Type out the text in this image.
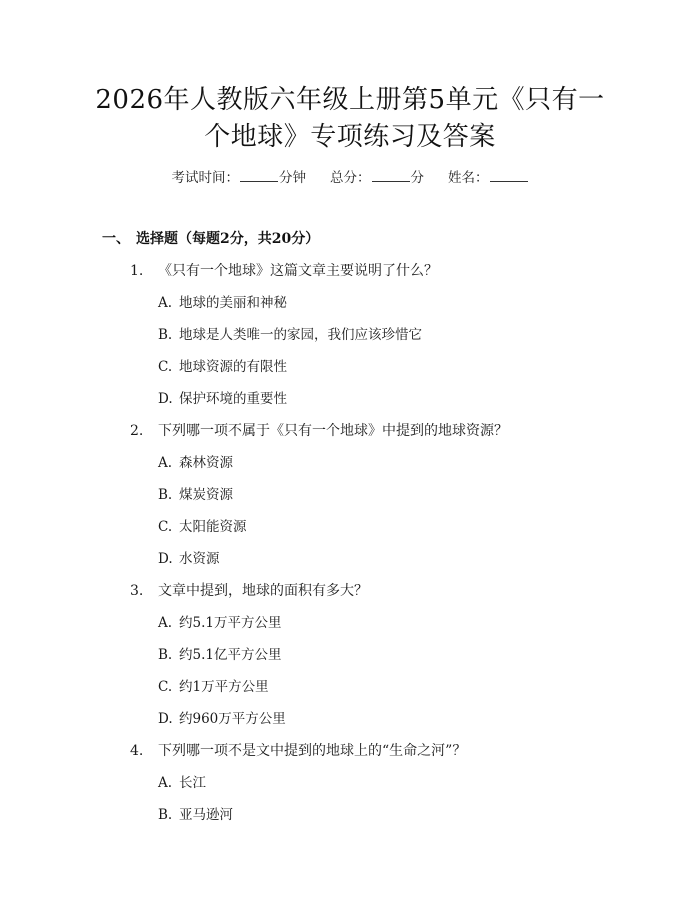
2026年人教版六年级上册第5单元《只有一
个地球》专项练习及答案
考试时间：	分钟 总分：	分 姓名：
一、 选择题（每题2分，共20分）
1. 《只有一个地球》这篇文章主要说明了什么？
A. 地球的美丽和神秘
B. 地球是人类唯一的家园，我们应该珍惜它
C. 地球资源的有限性
D. 保护环境的重要性
2. 下列哪一项不属于《只有一个地球》中提到的地球资源？
A. 森林资源
B. 煤炭资源
C. 太阳能资源
D. 水资源
3. 文章中提到，地球的面积有多大？
A. 约5.1万平方公里
B. 约5.1亿平方公里
C. 约1万平方公里
D. 约960万平方公里
4. 下列哪一项不是文中提到的地球上的“生命之河”？
A. 长江
B. 亚马逊河
